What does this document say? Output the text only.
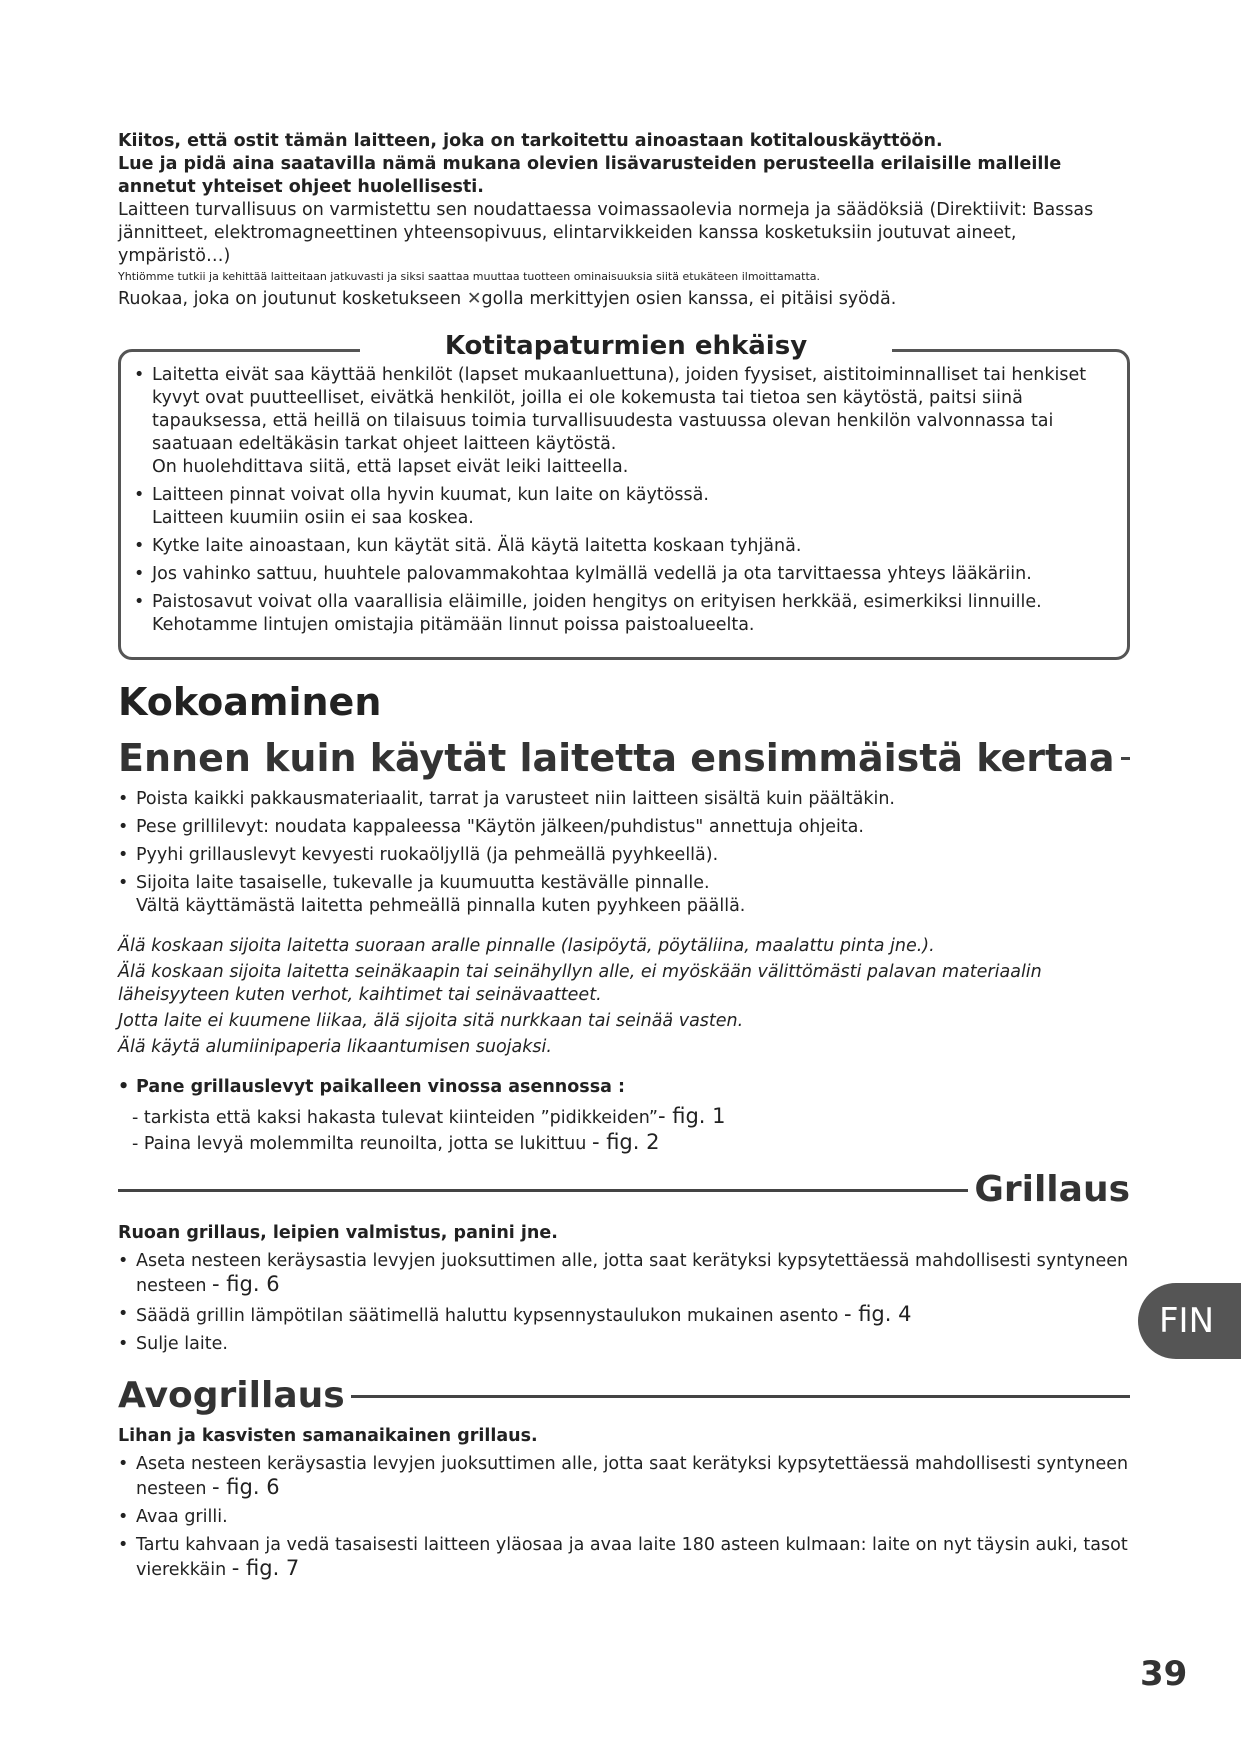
Kiitos, että ostit tämän laitteen, joka on tarkoitettu ainoastaan kotitalouskäyttöön.

Lue ja pidä aina saatavilla nämä mukana olevien lisävarusteiden perusteella erilaisille malleille annetut yhteiset ohjeet huolellisesti.

Laitteen turvallisuus on varmistettu sen noudattaessa voimassaolevia normeja ja säädöksiä (Direktiivit: Bassas jännitteet, elektromagneettinen yhteensopivuus, elintarvikkeiden kanssa kosketuksiin joutuvat aineet, ympäristö…)

Yhtiömme tutkii ja kehittää laitteitaan jatkuvasti ja siksi saattaa muuttaa tuotteen ominaisuuksia siitä etukäteen ilmoittamatta.

Ruokaa, joka on joutunut kosketukseen ✕golla merkittyjen osien kanssa, ei pitäisi syödä.

Kotitapaturmien ehkäisy
• Laitetta eivät saa käyttää henkilöt (lapset mukaanluettuna), joiden fyysiset, aistitoiminnalliset tai henkiset kyvyt ovat puutteelliset, eivätkä henkilöt, joilla ei ole kokemusta tai tietoa sen käytöstä, paitsi siinä tapauksessa, että heillä on tilaisuus toimia turvallisuudesta vastuussa olevan henkilön valvonnassa tai saatuaan edeltäkäsin tarkat ohjeet laitteen käytöstä.
On huolehdittava siitä, että lapset eivät leiki laitteella.
• Laitteen pinnat voivat olla hyvin kuumat, kun laite on käytössä.
Laitteen kuumiin osiin ei saa koskea.
• Kytke laite ainoastaan, kun käytät sitä. Älä käytä laitetta koskaan tyhjänä.
• Jos vahinko sattuu, huuhtele palovammakohtaa kylmällä vedellä ja ota tarvittaessa yhteys lääkäriin.
• Paistosavut voivat olla vaarallisia eläimille, joiden hengitys on erityisen herkkää, esimerkiksi linnuille.
Kehotamme lintujen omistajia pitämään linnut poissa paistoalueelta.
Kokoaminen
Ennen kuin käytät laitetta ensimmäistä kertaa
• Poista kaikki pakkausmateriaalit, tarrat ja varusteet niin laitteen sisältä kuin päältäkin.
• Pese grillilevyt: noudata kappaleessa "Käytön jälkeen/puhdistus" annettuja ohjeita.
• Pyyhi grillauslevyt kevyesti ruokaöljyllä (ja pehmeällä pyyhkeellä).
• Sijoita laite tasaiselle, tukevalle ja kuumuutta kestävälle pinnalle.
Vältä käyttämästä laitetta pehmeällä pinnalla kuten pyyhkeen päällä.

Älä koskaan sijoita laitetta suoraan aralle pinnalle (lasipöytä, pöytäliina, maalattu pinta jne.).

Älä koskaan sijoita laitetta seinäkaapin tai seinähyllyn alle, ei myöskään välittömästi palavan materiaalin läheisyyteen kuten verhot, kaihtimet tai seinävaatteet.

Jotta laite ei kuumene liikaa, älä sijoita sitä nurkkaan tai seinää vasten.

Älä käytä alumiinipaperia likaantumisen suojaksi.

• Pane grillauslevyt paikalleen vinossa asennossa :
- tarkista että kaksi hakasta tulevat kiinteiden ”pidikkeiden”- fig. 1
- Paina levyä molemmilta reunoilta, jotta se lukittuu - fig. 2
Grillaus

Ruoan grillaus, leipien valmistus, panini jne.

• Aseta nesteen keräysastia levyjen juoksuttimen alle, jotta saat kerätyksi kypsytettäessä mahdollisesti syntyneen nesteen - fig. 6
• Säädä grillin lämpötilan säätimellä haluttu kypsennystaulukon mukainen asento - fig. 4
• Sulje laite.
Avogrillaus

Lihan ja kasvisten samanaikainen grillaus.

• Aseta nesteen keräysastia levyjen juoksuttimen alle, jotta saat kerätyksi kypsytettäessä mahdollisesti syntyneen nesteen - fig. 6
• Avaa grilli.
• Tartu kahvaan ja vedä tasaisesti laitteen yläosaa ja avaa laite 180 asteen kulmaan: laite on nyt täysin auki, tasot vierekkäin - fig. 7
FIN
39
